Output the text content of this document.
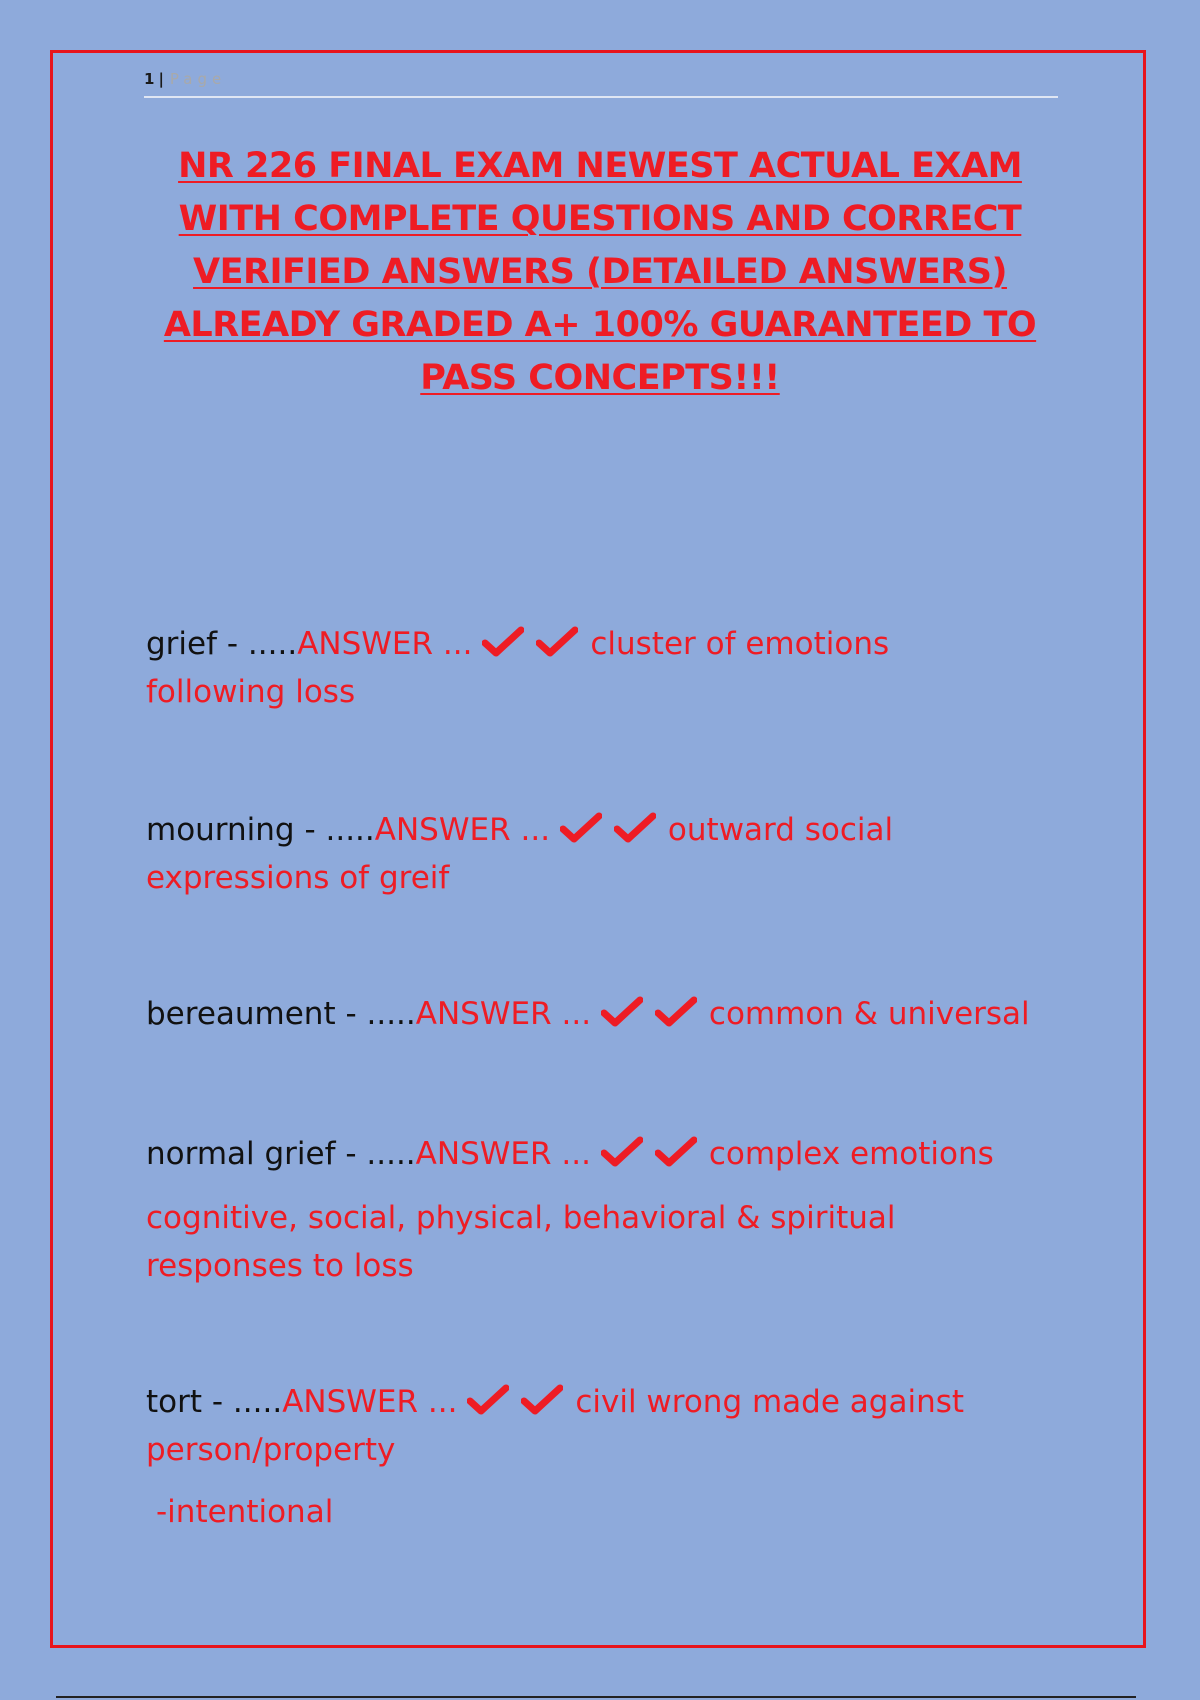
1 | Page
NR 226 FINAL EXAM NEWEST ACTUAL EXAM WITH COMPLETE QUESTIONS AND CORRECT VERIFIED ANSWERS (DETAILED ANSWERS) ALREADY GRADED A+ 100% GUARANTEED TO PASS CONCEPTS!!!
grief - .....ANSWER ...	cluster of emotions
following loss
mourning - .....ANSWER ...	outward social
expressions of greif
bereaument - .....ANSWER ...	common & universal
normal grief - .....ANSWER ...	complex emotions
cognitive, social, physical, behavioral & spiritual
responses to loss
tort - .....ANSWER ...	civil wrong made against
person/property
-intentional
